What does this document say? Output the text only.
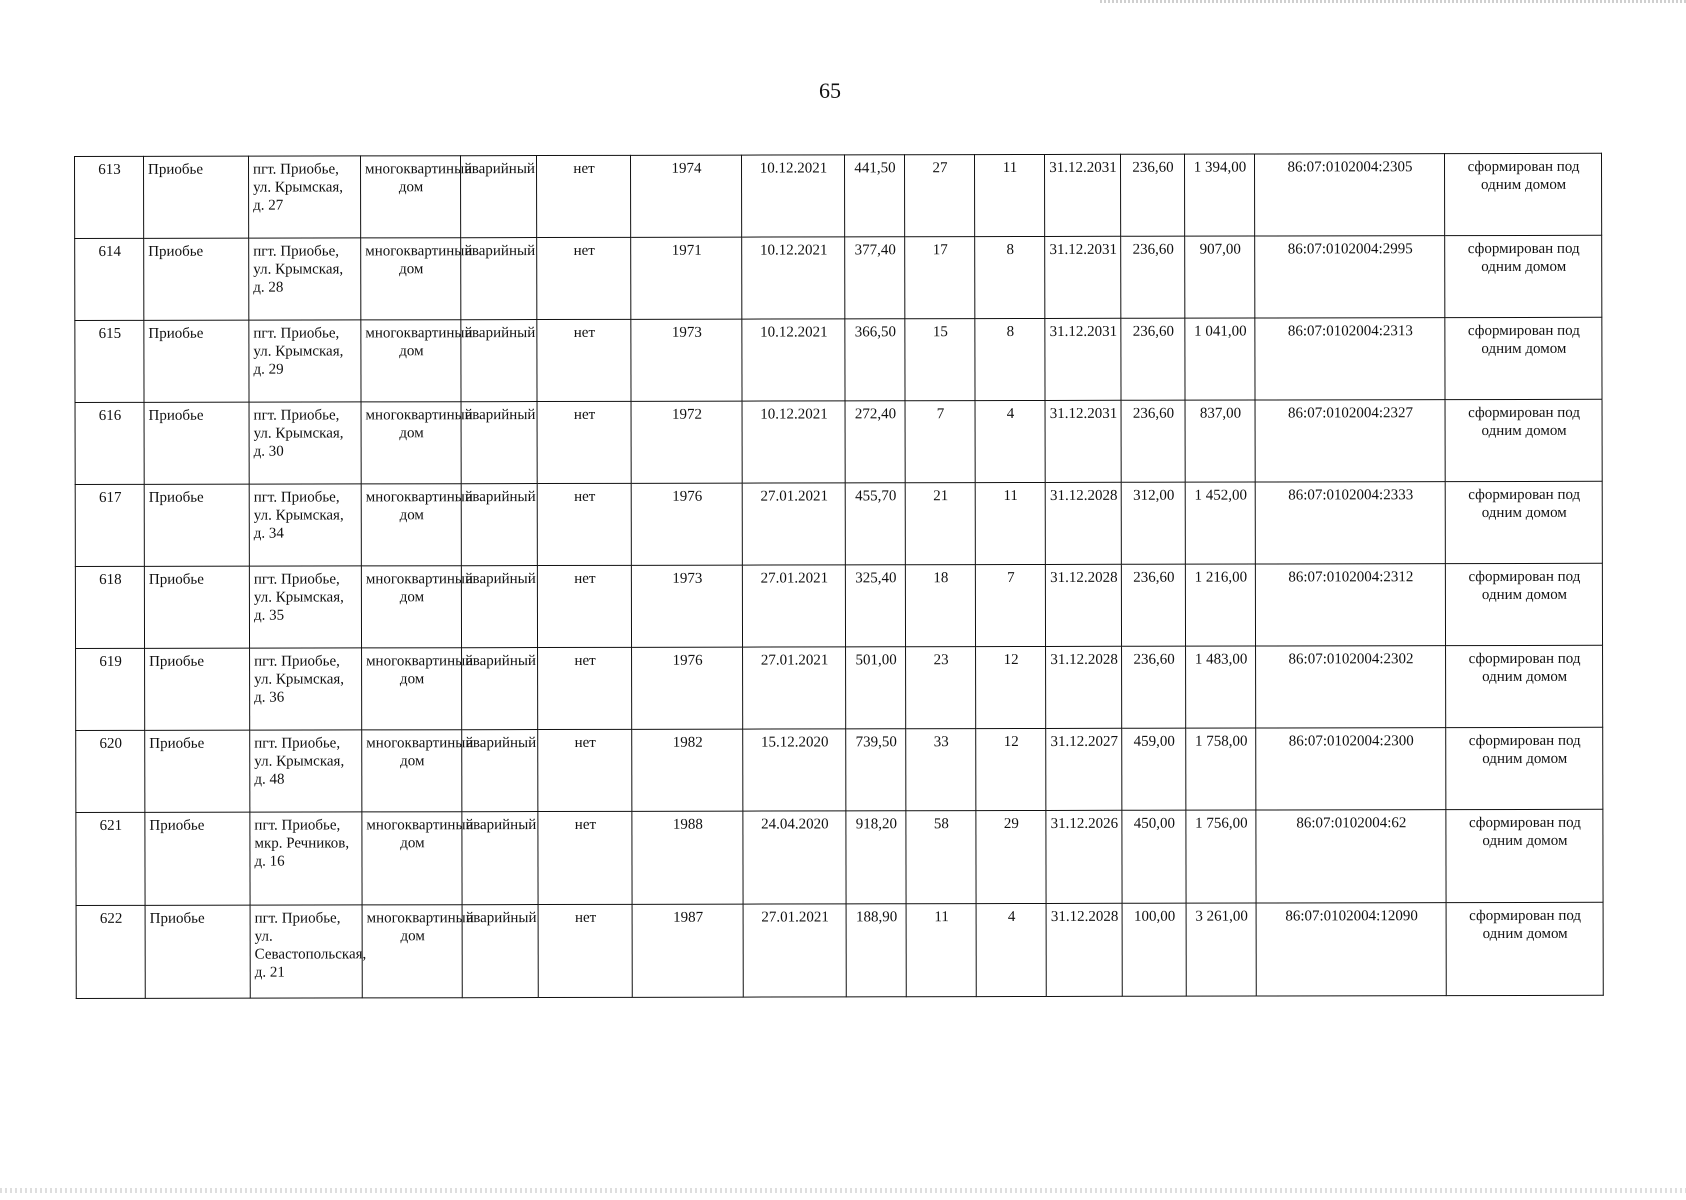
65
613	Приобье	пгт. Приобье, ул. Крымская, д. 27	многоквартиный дом	аварийный	нет	1974	10.12.2021	441,50	27	11	31.12.2031	236,60	1 394,00	86:07:0102004:2305	сформирован под одним домом
614	Приобье	пгт. Приобье, ул. Крымская, д. 28	многоквартиный дом	аварийный	нет	1971	10.12.2021	377,40	17	8	31.12.2031	236,60	907,00	86:07:0102004:2995	сформирован под одним домом
615	Приобье	пгт. Приобье, ул. Крымская, д. 29	многоквартиный дом	аварийный	нет	1973	10.12.2021	366,50	15	8	31.12.2031	236,60	1 041,00	86:07:0102004:2313	сформирован под одним домом
616	Приобье	пгт. Приобье, ул. Крымская, д. 30	многоквартиный дом	аварийный	нет	1972	10.12.2021	272,40	7	4	31.12.2031	236,60	837,00	86:07:0102004:2327	сформирован под одним домом
617	Приобье	пгт. Приобье, ул. Крымская, д. 34	многоквартиный дом	аварийный	нет	1976	27.01.2021	455,70	21	11	31.12.2028	312,00	1 452,00	86:07:0102004:2333	сформирован под одним домом
618	Приобье	пгт. Приобье, ул. Крымская, д. 35	многоквартиный дом	аварийный	нет	1973	27.01.2021	325,40	18	7	31.12.2028	236,60	1 216,00	86:07:0102004:2312	сформирован под одним домом
619	Приобье	пгт. Приобье, ул. Крымская, д. 36	многоквартиный дом	аварийный	нет	1976	27.01.2021	501,00	23	12	31.12.2028	236,60	1 483,00	86:07:0102004:2302	сформирован под одним домом
620	Приобье	пгт. Приобье, ул. Крымская, д. 48	многоквартиный дом	аварийный	нет	1982	15.12.2020	739,50	33	12	31.12.2027	459,00	1 758,00	86:07:0102004:2300	сформирован под одним домом
621	Приобье	пгт. Приобье, мкр. Речников, д. 16	многоквартиный дом	аварийный	нет	1988	24.04.2020	918,20	58	29	31.12.2026	450,00	1 756,00	86:07:0102004:62	сформирован под одним домом
622	Приобье	пгт. Приобье, ул. Севастопольская, д. 21	многоквартиный дом	аварийный	нет	1987	27.01.2021	188,90	11	4	31.12.2028	100,00	3 261,00	86:07:0102004:12090	сформирован под одним домом
